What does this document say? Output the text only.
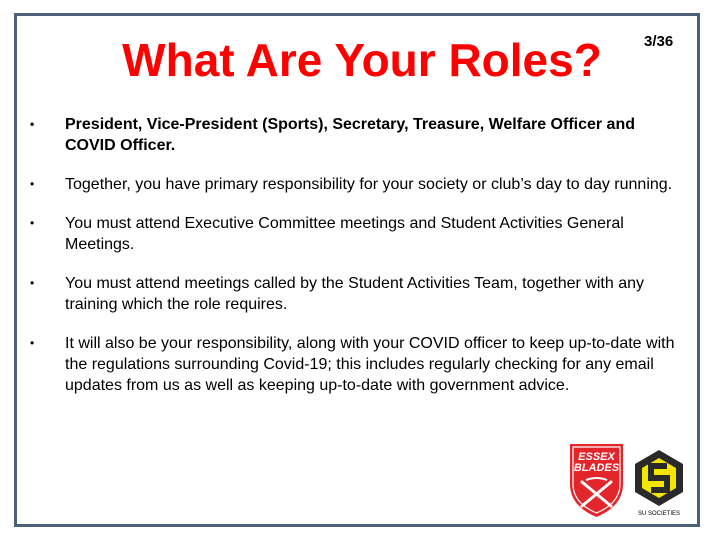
What Are Your Roles?	3/36
• President, Vice-President (Sports), Secretary, Treasure, Welfare Officer and COVID Officer.
• Together, you have primary responsibility for your society or club’s day to day running.
• You must attend Executive Committee meetings and Student Activities General Meetings.
• You must attend meetings called by the Student Activities Team, together with any training which the role requires.
• It will also be your responsibility, along with your COVID officer to keep up-to-date with the regulations surrounding Covid-19; this includes regularly checking for any email updates from us as well as keeping up-to-date with government advice.
ESSEX
BLADES
SU SOCIETIES
